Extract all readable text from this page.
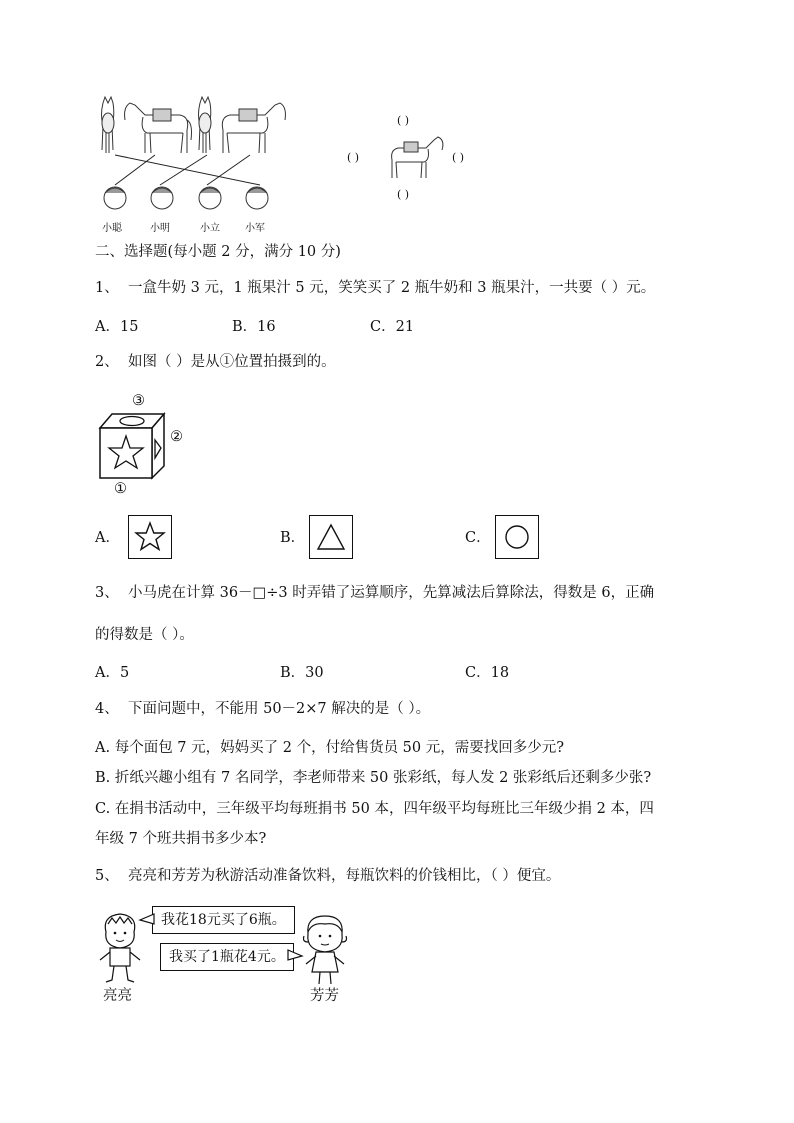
小聪	小明	小立	小军
( )
( )	( )
( )
二、选择题(每小题 2 分，满分 10 分)
1、 一盒牛奶 3 元，1 瓶果汁 5 元，笑笑买了 2 瓶牛奶和 3 瓶果汁，一共要（ ）元。
A．15	B．16	C．21
2、 如图（ ）是从①位置拍摄到的。
③
②
①
A．	B．	C．
3、 小马虎在计算 36－□÷3 时弄错了运算顺序，先算减法后算除法，得数是 6，正确
的得数是（ ）。
A．5	B．30	C．18
4、 下面问题中，不能用 50－2×7 解决的是（ ）。
A. 每个面包 7 元，妈妈买了 2 个，付给售货员 50 元，需要找回多少元?
B. 折纸兴趣小组有 7 名同学，李老师带来 50 张彩纸，每人发 2 张彩纸后还剩多少张?
C. 在捐书活动中，三年级平均每班捐书 50 本，四年级平均每班比三年级少捐 2 本，四
年级 7 个班共捐书多少本?
5、 亮亮和芳芳为秋游活动准备饮料，每瓶饮料的价钱相比，（ ）便宜。
我花18元买了6瓶。
我买了1瓶花4元。
亮亮	芳芳
